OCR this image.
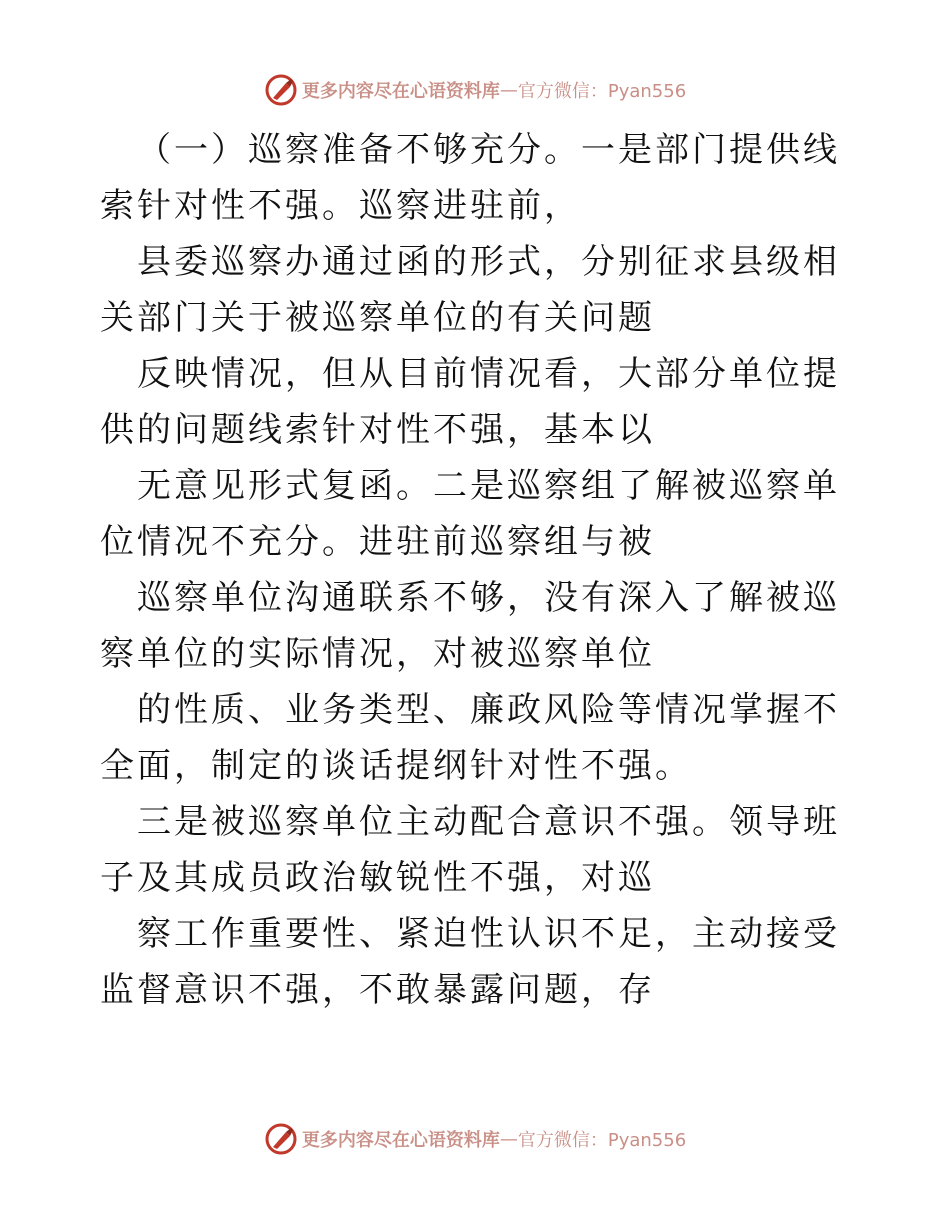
更多内容尽在心语资料库 — 官方微信：Pyan556

（一）巡察准备不够充分。一是部门提供线索针对性不强。巡察进驻前，

县委巡察办通过函的形式，分别征求县级相关部门关于被巡察单位的有关问题

反映情况，但从目前情况看，大部分单位提供的问题线索针对性不强，基本以

无意见形式复函。二是巡察组了解被巡察单位情况不充分。进驻前巡察组与被

巡察单位沟通联系不够，没有深入了解被巡察单位的实际情况，对被巡察单位

的性质、业务类型、廉政风险等情况掌握不全面，制定的谈话提纲针对性不强。

三是被巡察单位主动配合意识不强。领导班子及其成员政治敏锐性不强，对巡

察工作重要性、紧迫性认识不足，主动接受监督意识不强，不敢暴露问题，存

更多内容尽在心语资料库 — 官方微信：Pyan556
